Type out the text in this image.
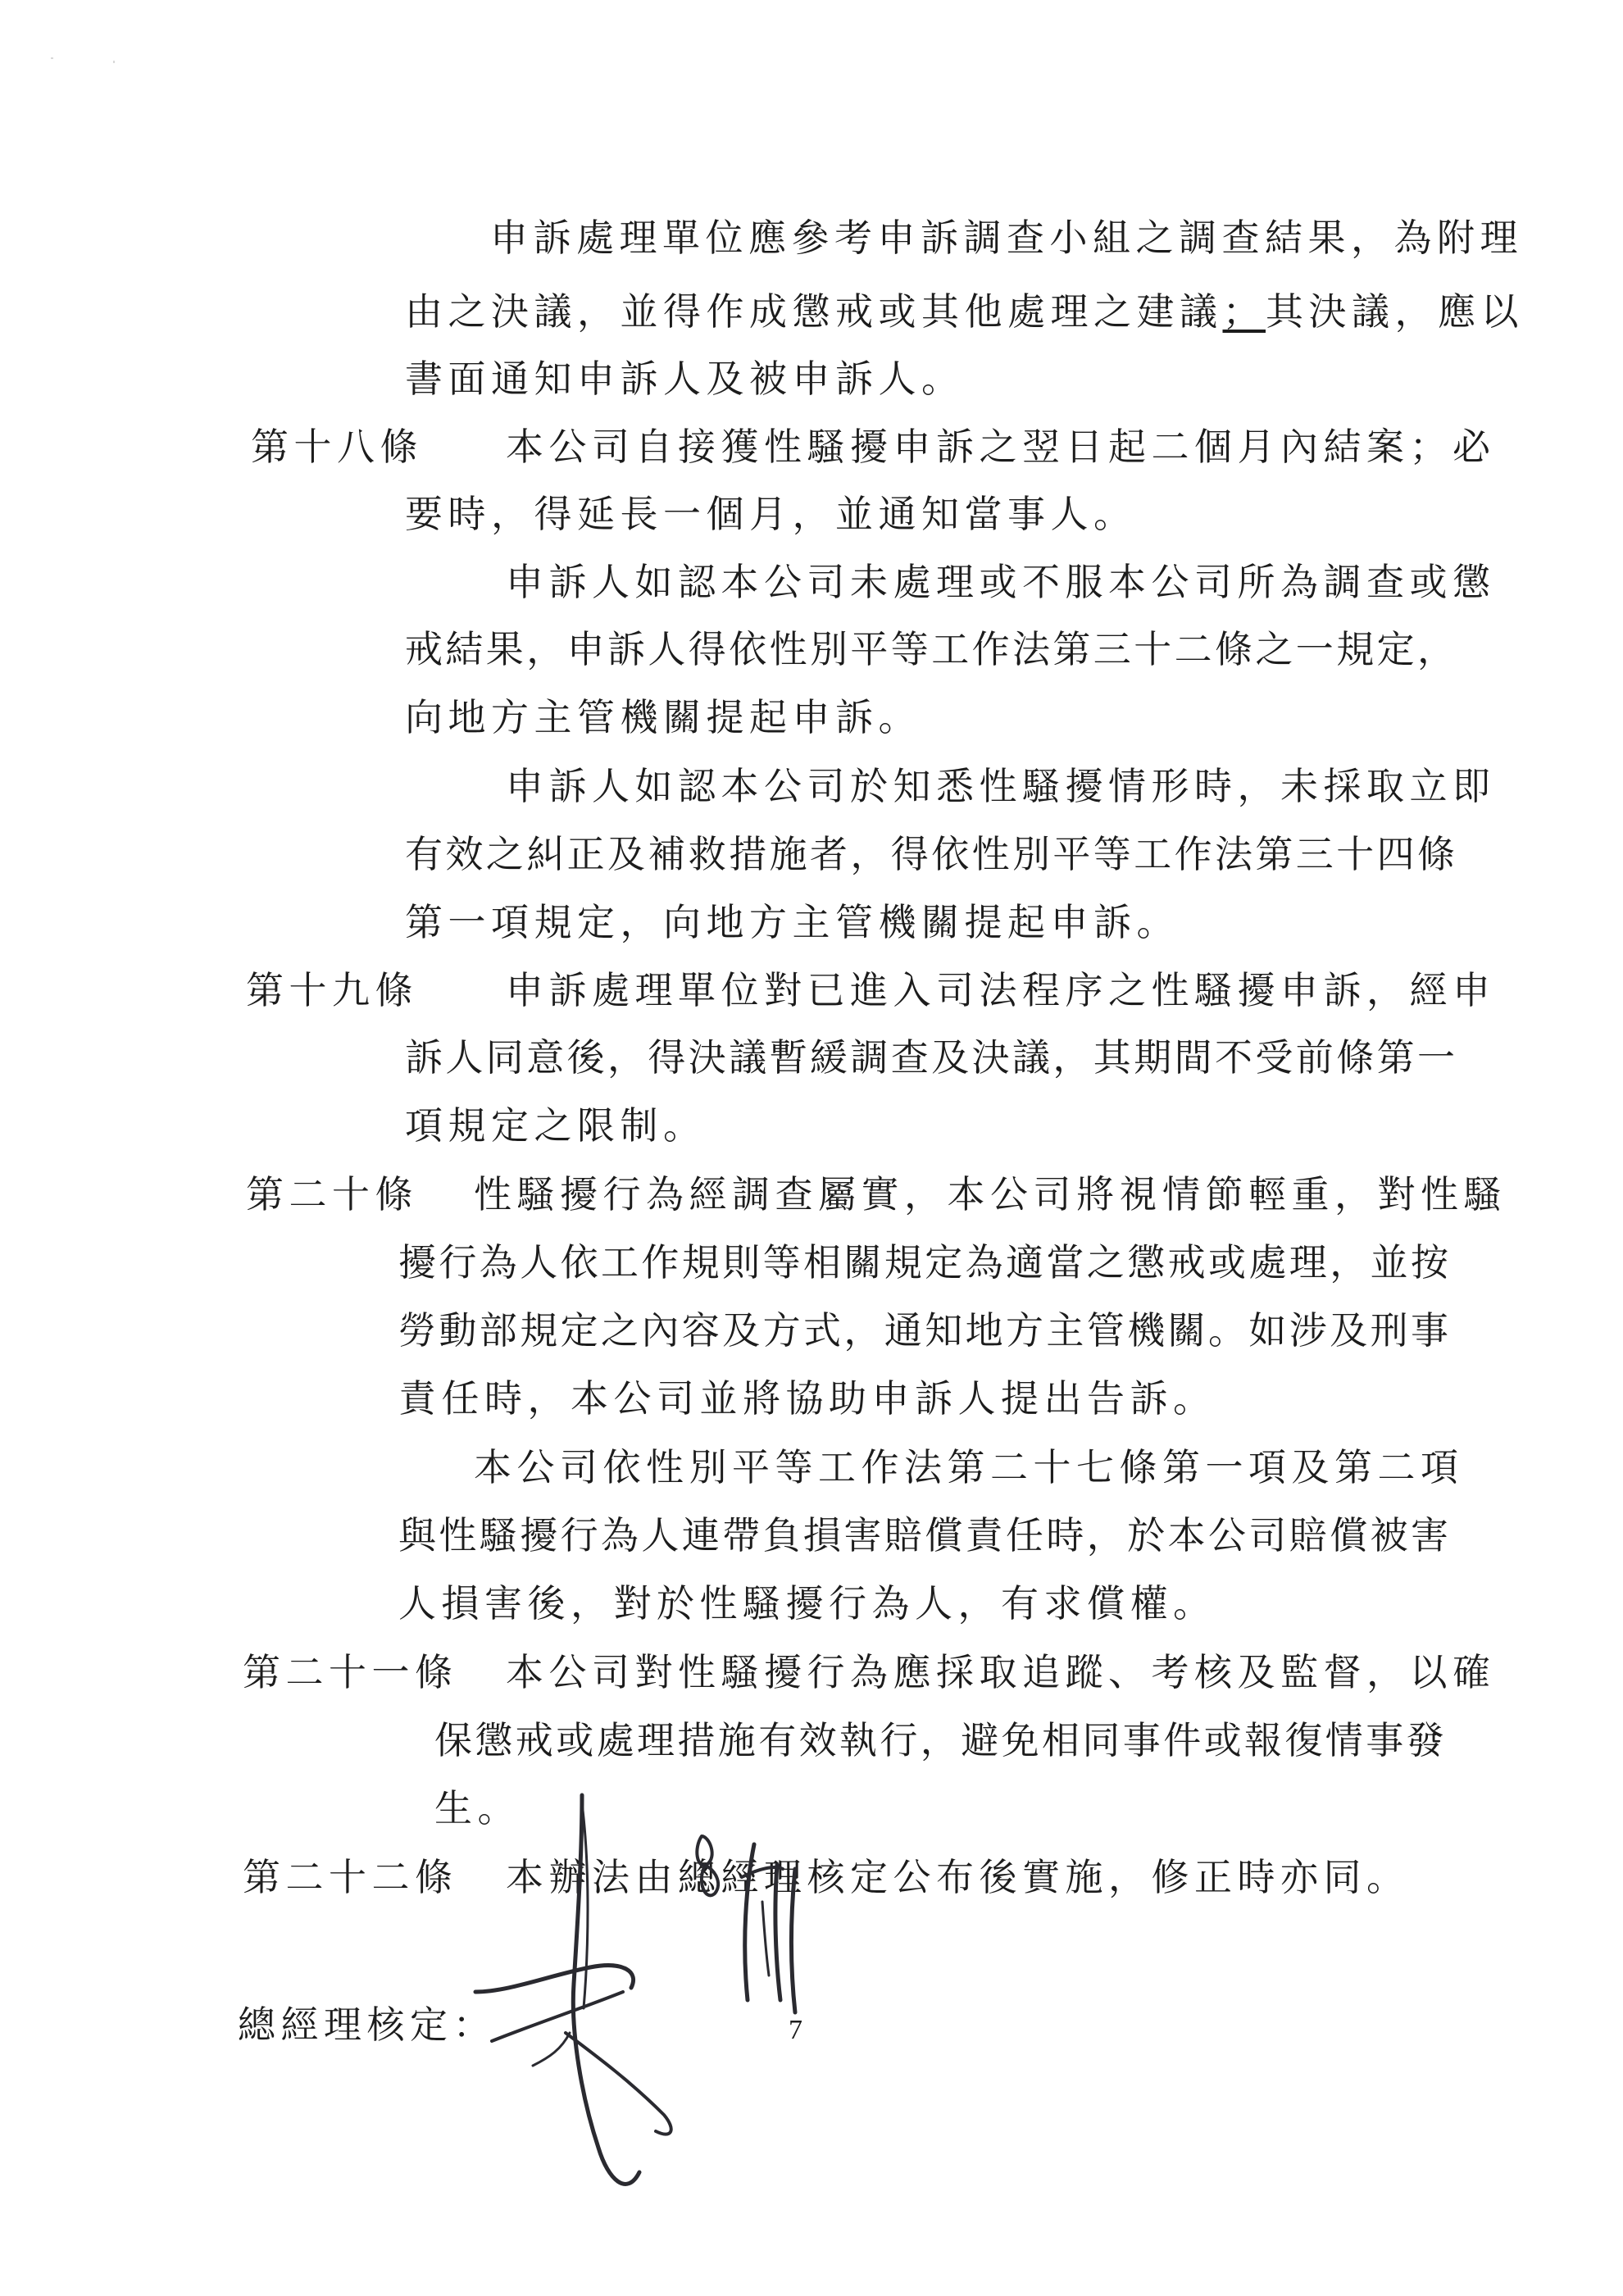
申訴處理單位應參考申訴調查小組之調查結果，為附理
由之決議，並得作成懲戒或其他處理之建議；其決議，應以
書面通知申訴人及被申訴人。
第十八條 本公司自接獲性騷擾申訴之翌日起二個月內結案；必
要時，得延長一個月，並通知當事人。
申訴人如認本公司未處理或不服本公司所為調查或懲
戒結果，申訴人得依性別平等工作法第三十二條之一規定，
向地方主管機關提起申訴。
申訴人如認本公司於知悉性騷擾情形時，未採取立即
有效之糾正及補救措施者，得依性別平等工作法第三十四條
第一項規定，向地方主管機關提起申訴。
第十九條 申訴處理單位對已進入司法程序之性騷擾申訴，經申
訴人同意後，得決議暫緩調查及決議，其期間不受前條第一
項規定之限制。
第二十條 性騷擾行為經調查屬實，本公司將視情節輕重，對性騷
擾行為人依工作規則等相關規定為適當之懲戒或處理，並按
勞動部規定之內容及方式，通知地方主管機關。如涉及刑事
責任時，本公司並將協助申訴人提出告訴。
本公司依性別平等工作法第二十七條第一項及第二項
與性騷擾行為人連帶負損害賠償責任時，於本公司賠償被害
人損害後，對於性騷擾行為人，有求償權。
第二十一條 本公司對性騷擾行為應採取追蹤、考核及監督，以確
保懲戒或處理措施有效執行，避免相同事件或報復情事發
生。
第二十二條 本辦法由總經理核定公布後實施，修正時亦同。
總經理核定：	7
